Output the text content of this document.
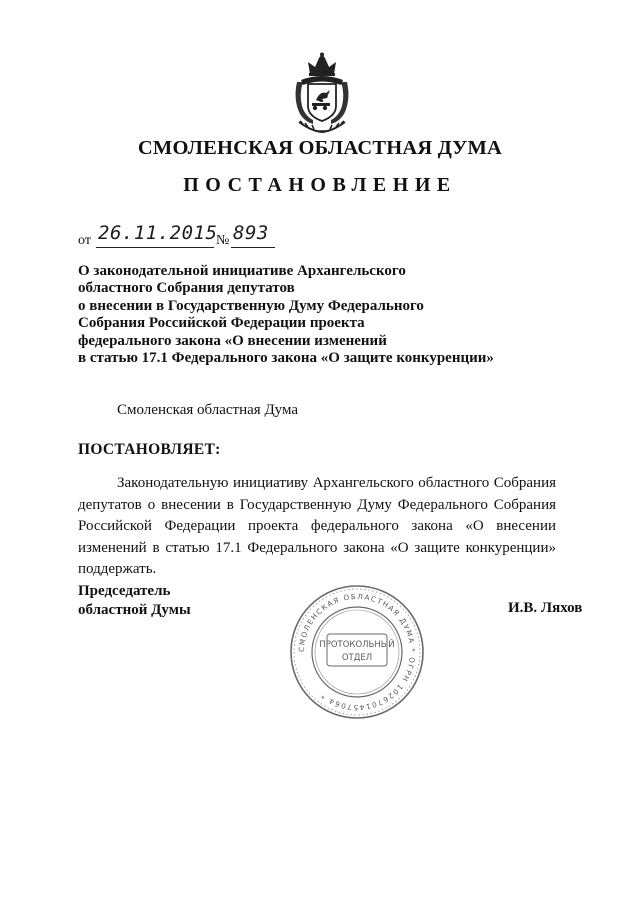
СМОЛЕНСКАЯ ОБЛАСТНАЯ ДУМА
ПОСТАНОВЛЕНИЕ
от 26.11.2015
№ 893
О законодательной инициативе Архангельского
областного Собрания депутатов
о внесении в Государственную Думу Федерального
Собрания Российской Федерации проекта
федерального закона «О внесении изменений
в статью 17.1 Федерального закона «О защите конкуренции»
Смоленская областная Дума
ПОСТАНОВЛЯЕТ:
Законодательную инициативу Архангельского областного Собрания депутатов о внесении в Государственную Думу Федерального Собрания Российской Федерации проекта федерального закона «О внесении изменений в статью 17.1 Федерального закона «О защите конкуренции» поддержать.
Председатель
областной Думы	И.В. Ляхов
СМОЛЕНСКАЯ ОБЛАСТНАЯ ДУМА * ОГРН 1026701457064 *
ПРОТОКОЛЬНЫЙ
ОТДЕЛ
